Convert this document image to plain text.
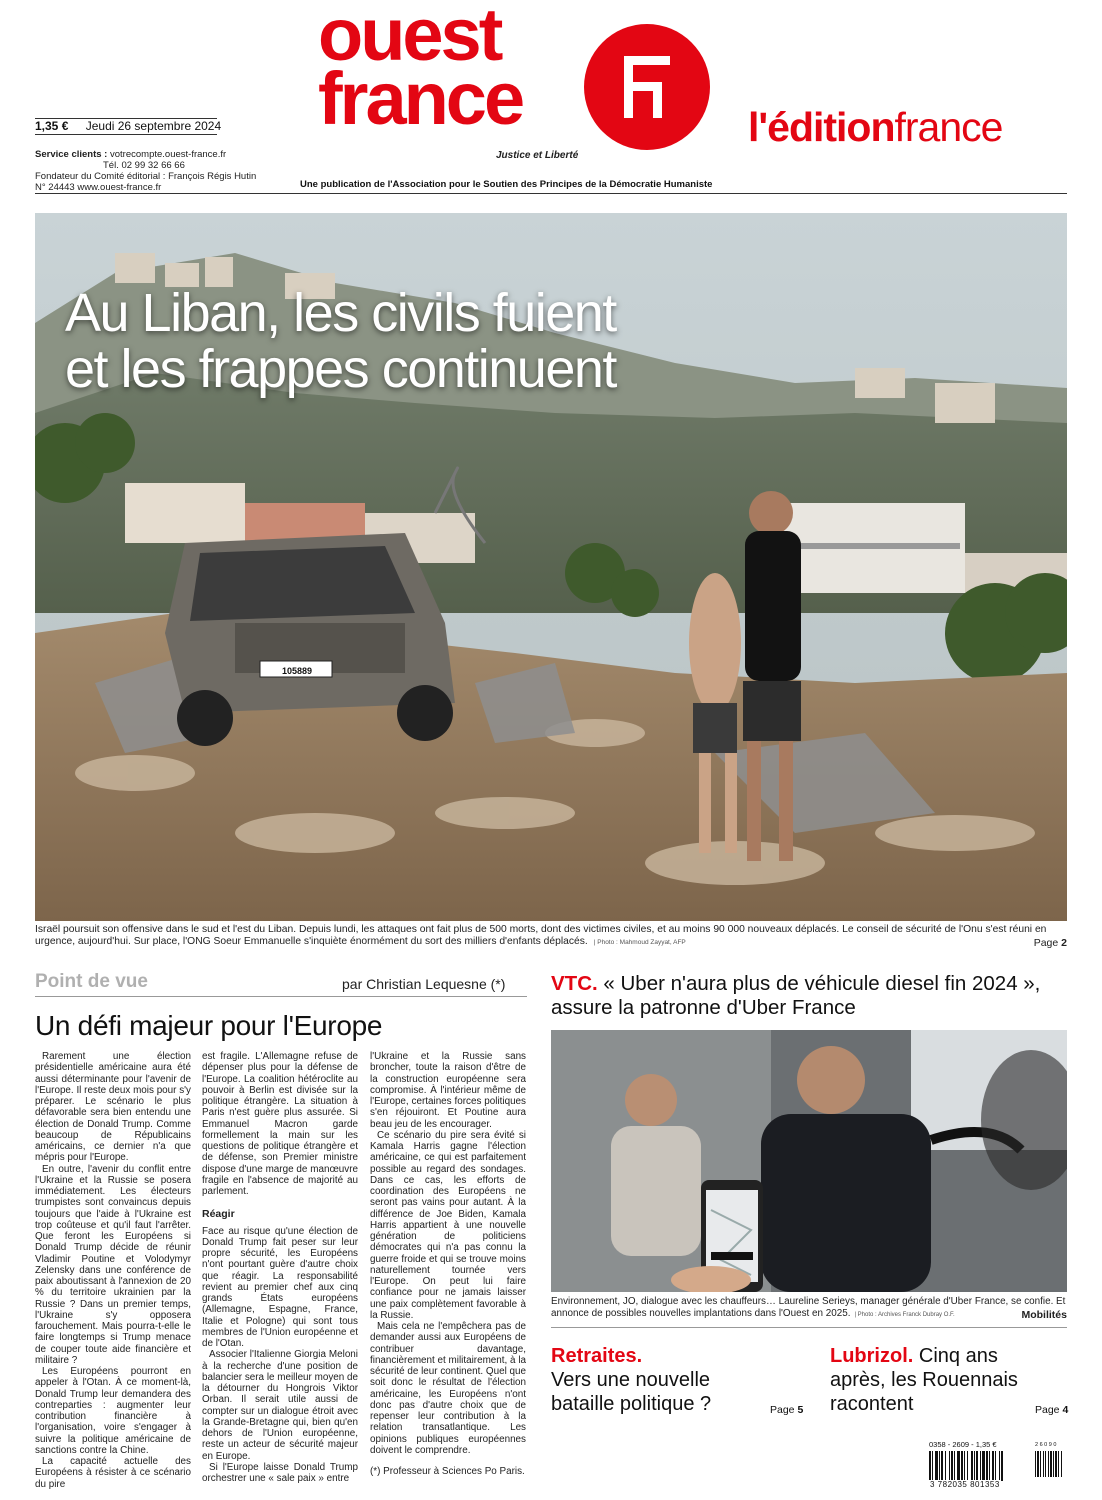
ouest
france
Justice et Liberté
l'éditionfrance
1,35 € Jeudi 26 septembre 2024
Service clients : votrecompte.ouest-france.fr
Tél. 02 99 32 66 66
Fondateur du Comité éditorial : François Régis Hutin
N° 24443 www.ouest-france.fr	Une publication de l'Association pour le Soutien des Principes de la Démocratie Humaniste
Au Liban, les civils fuient
et les frappes continuent
105889
Israël poursuit son offensive dans le sud et l'est du Liban. Depuis lundi, les attaques ont fait plus de 500 morts, dont des victimes civiles, et au moins 90 000 nouveaux déplacés. Le conseil de sécurité de l'Onu s'est réuni en urgence, aujourd'hui. Sur place, l'ONG Soeur Emmanuelle s'inquiète énormément du sort des milliers d'enfants déplacés. | Photo : Mahmoud Zayyat, AFP	Page 2
Point de vue	par Christian Lequesne (*)
Un défi majeur pour l'Europe

Rarement une élection présidentielle américaine aura été aussi déterminante pour l'avenir de l'Europe. Il reste deux mois pour s'y préparer. Le scénario le plus défavorable sera bien entendu une élection de Donald Trump. Comme beaucoup de Républicains américains, ce dernier n'a que mépris pour l'Europe.

En outre, l'avenir du conflit entre l'Ukraine et la Russie se posera immédiatement. Les électeurs trumpistes sont convaincus depuis toujours que l'aide à l'Ukraine est trop coûteuse et qu'il faut l'arrêter. Que feront les Européens si Donald Trump décide de réunir Vladimir Poutine et Volodymyr Zelensky dans une conférence de paix aboutissant à l'annexion de 20 % du territoire ukrainien par la Russie ? Dans un premier temps, l'Ukraine s'y opposera farouchement. Mais pourra-t-elle le faire longtemps si Trump menace de couper toute aide financière et militaire ?

Les Européens pourront en appeler à l'Otan. À ce moment-là, Donald Trump leur demandera des contreparties : augmenter leur contribution financière à l'organisation, voire s'engager à suivre la politique américaine de sanctions contre la Chine.

La capacité actuelle des Européens à résister à ce scénario du pire

est fragile. L'Allemagne refuse de dépenser plus pour la défense de l'Europe. La coalition hétéroclite au pouvoir à Berlin est divisée sur la politique étrangère. La situation à Paris n'est guère plus assurée. Si Emmanuel Macron garde formellement la main sur les questions de politique étrangère et de défense, son Premier ministre dispose d'une marge de manœuvre fragile en l'absence de majorité au parlement.

Réagir

Face au risque qu'une élection de Donald Trump fait peser sur leur propre sécurité, les Européens n'ont pourtant guère d'autre choix que réagir. La responsabilité revient au premier chef aux cinq grands États européens (Allemagne, Espagne, France, Italie et Pologne) qui sont tous membres de l'Union européenne et de l'Otan.

Associer l'Italienne Giorgia Meloni à la recherche d'une position de balancier sera le meilleur moyen de la détourner du Hongrois Viktor Orban. Il serait utile aussi de compter sur un dialogue étroit avec la Grande-Bretagne qui, bien qu'en dehors de l'Union européenne, reste un acteur de sécurité majeur en Europe.

Si l'Europe laisse Donald Trump orchestrer une « sale paix » entre

l'Ukraine et la Russie sans broncher, toute la raison d'être de la construction européenne sera compromise. À l'intérieur même de l'Europe, certaines forces politiques s'en réjouiront. Et Poutine aura beau jeu de les encourager.

Ce scénario du pire sera évité si Kamala Harris gagne l'élection américaine, ce qui est parfaitement possible au regard des sondages. Dans ce cas, les efforts de coordination des Européens ne seront pas vains pour autant. À la différence de Joe Biden, Kamala Harris appartient à une nouvelle génération de politiciens démocrates qui n'a pas connu la guerre froide et qui se trouve moins naturellement tournée vers l'Europe. On peut lui faire confiance pour ne jamais laisser une paix complètement favorable à la Russie.

Mais cela ne l'empêchera pas de demander aussi aux Européens de contribuer davantage, financièrement et militairement, à la sécurité de leur continent. Quel que soit donc le résultat de l'élection américaine, les Européens n'ont donc pas d'autre choix que de repenser leur contribution à la relation transatlantique. Les opinions publiques européennes doivent le comprendre.

(*) Professeur à Sciences Po Paris.

VTC. « Uber n'aura plus de véhicule diesel fin 2024 », assure la patronne d'Uber France
Environnement, JO, dialogue avec les chauffeurs… Laureline Serieys, manager générale d'Uber France, se confie. Et annonce de possibles nouvelles implantations dans l'Ouest en 2025. | Photo : Archives Franck Dubray O.F.	Mobilités
Retraites.
Vers une nouvelle bataille politique ?	Page 5
Lubrizol. Cinq ans après, les Rouennais racontent	Page 4
0358 - 2609 - 1,35 €
3 782035 801353
2 6 0 9 0
